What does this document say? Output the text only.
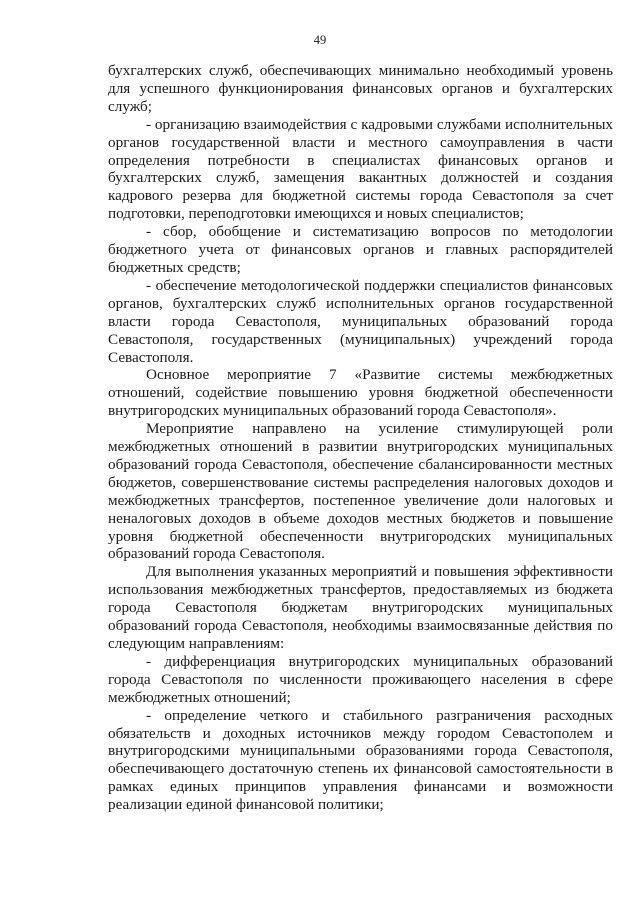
49

бухгалтерских служб, обеспечивающих минимально необходимый уровень для успешного функционирования финансовых органов и бухгалтерских служб;

- организацию взаимодействия с кадровыми службами исполнительных органов государственной власти и местного самоуправления в части определения потребности в специалистах финансовых органов и бухгалтерских служб, замещения вакантных должностей и создания кадрового резерва для бюджетной системы города Севастополя за счет подготовки, переподготовки имеющихся и новых специалистов;

- сбор, обобщение и систематизацию вопросов по методологии бюджетного учета от финансовых органов и главных распорядителей бюджетных средств;

- обеспечение методологической поддержки специалистов финансовых органов, бухгалтерских служб исполнительных органов государственной власти города Севастополя, муниципальных образований города Севастополя, государственных (муниципальных) учреждений города Севастополя.

Основное мероприятие 7 «Развитие системы межбюджетных отношений, содействие повышению уровня бюджетной обеспеченности внутригородских муниципальных образований города Севастополя».

Мероприятие направлено на усиление стимулирующей роли межбюджетных отношений в развитии внутригородских муниципальных образований города Севастополя, обеспечение сбалансированности местных бюджетов, совершенствование системы распределения налоговых доходов и межбюджетных трансфертов, постепенное увеличение доли налоговых и неналоговых доходов в объеме доходов местных бюджетов и повышение уровня бюджетной обеспеченности внутригородских муниципальных образований города Севастополя.

Для выполнения указанных мероприятий и повышения эффективности использования межбюджетных трансфертов, предоставляемых из бюджета города Севастополя бюджетам внутригородских муниципальных образований города Севастополя, необходимы взаимосвязанные действия по следующим направлениям:

- дифференциация внутригородских муниципальных образований города Севастополя по численности проживающего населения в сфере межбюджетных отношений;

- определение четкого и стабильного разграничения расходных обязательств и доходных источников между городом Севастополем и внутригородскими муниципальными образованиями города Севастополя, обеспечивающего достаточную степень их финансовой самостоятельности в рамках единых принципов управления финансами и возможности реализации единой финансовой политики;
